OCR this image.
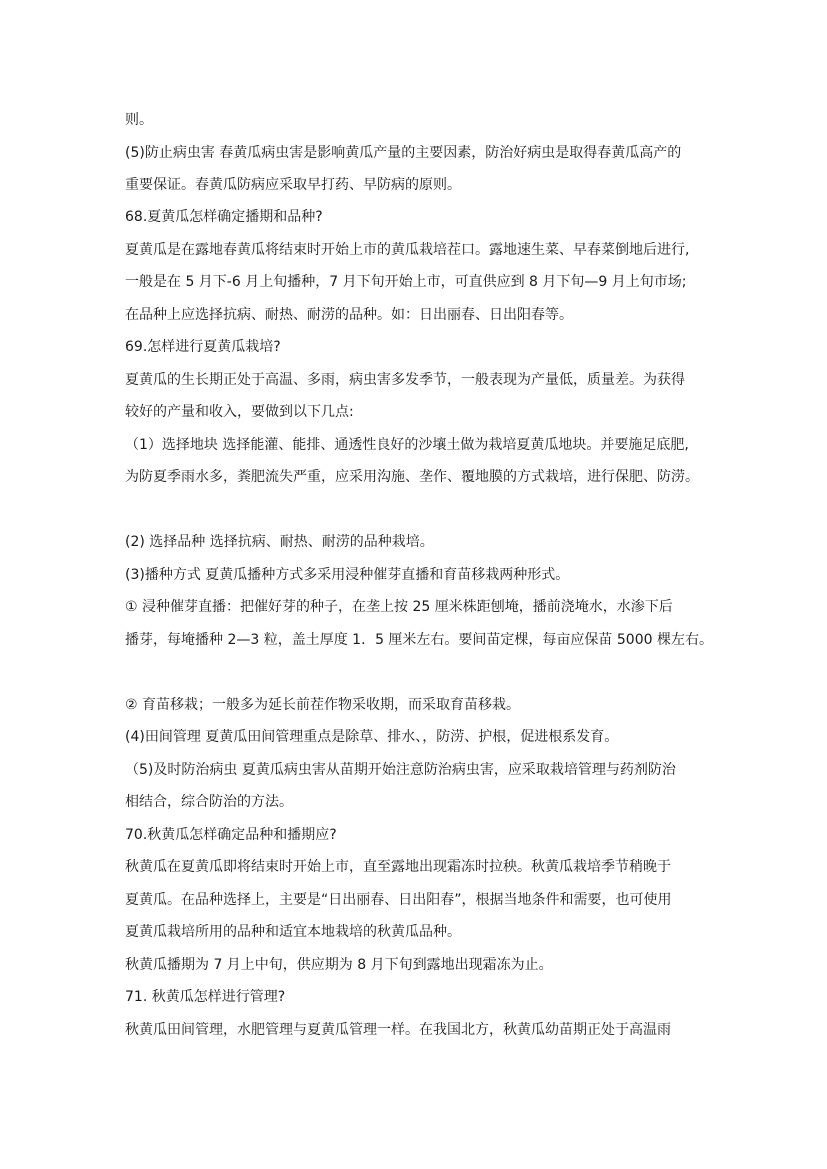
则。
(5)防止病虫害 春黄瓜病虫害是影响黄瓜产量的主要因素，防治好病虫是取得春黄瓜高产的
重要保证。春黄瓜防病应采取早打药、早防病的原则。
68.夏黄瓜怎样确定播期和品种?
夏黄瓜是在露地春黄瓜将结束时开始上市的黄瓜栽培茬口。露地速生菜、早春菜倒地后进行,
一般是在 5 月下-6 月上旬播种，7 月下旬开始上市，可直供应到 8 月下旬—9 月上旬市场;
在品种上应选择抗病、耐热、耐涝的品种。如：日出丽春、日出阳春等。
69.怎样进行夏黄瓜栽培?
夏黄瓜的生长期正处于高温、多雨，病虫害多发季节，一般表现为产量低，质量差。为获得
较好的产量和收入，要做到以下几点:
（1）选择地块 选择能灌、能排、通透性良好的沙壤土做为栽培夏黄瓜地块。并要施足底肥,
为防夏季雨水多，粪肥流失严重，应采用沟施、垄作、覆地膜的方式栽培，进行保肥、防涝。
(2) 选择品种 选择抗病、耐热、耐涝的品种栽培。
(3)播种方式 夏黄瓜播种方式多采用浸种催芽直播和育苗移栽两种形式。
① 浸种催芽直播：把催好芽的种子，在垄上按 25 厘米株距刨埯，播前浇埯水，水渗下后
播芽，每埯播种 2—3 粒，盖土厚度 1．5 厘米左右。要间苗定棵，每亩应保苗 5000 棵左右。
② 育苗移栽；一般多为延长前茬作物采收期，而采取育苗移栽。
(4)田间管理 夏黄瓜田间管理重点是除草、排水、，防涝、护根，促进根系发育。
（5)及时防治病虫 夏黄瓜病虫害从苗期开始注意防治病虫害，应采取栽培管理与药剂防治
相结合，综合防治的方法。
70.秋黄瓜怎样确定品种和播期应?
秋黄瓜在夏黄瓜即将结束时开始上市，直至露地出现霜冻时拉秧。秋黄瓜栽培季节稍晚于
夏黄瓜。在品种选择上，主要是“日出丽春、日出阳春”，根据当地条件和需要，也可使用
夏黄瓜栽培所用的品种和适宜本地栽培的秋黄瓜品种。
秋黄瓜播期为 7 月上中旬，供应期为 8 月下旬到露地出现霜冻为止。
71. 秋黄瓜怎样进行管理?
秋黄瓜田间管理，水肥管理与夏黄瓜管理一样。在我国北方，秋黄瓜幼苗期正处于高温雨
